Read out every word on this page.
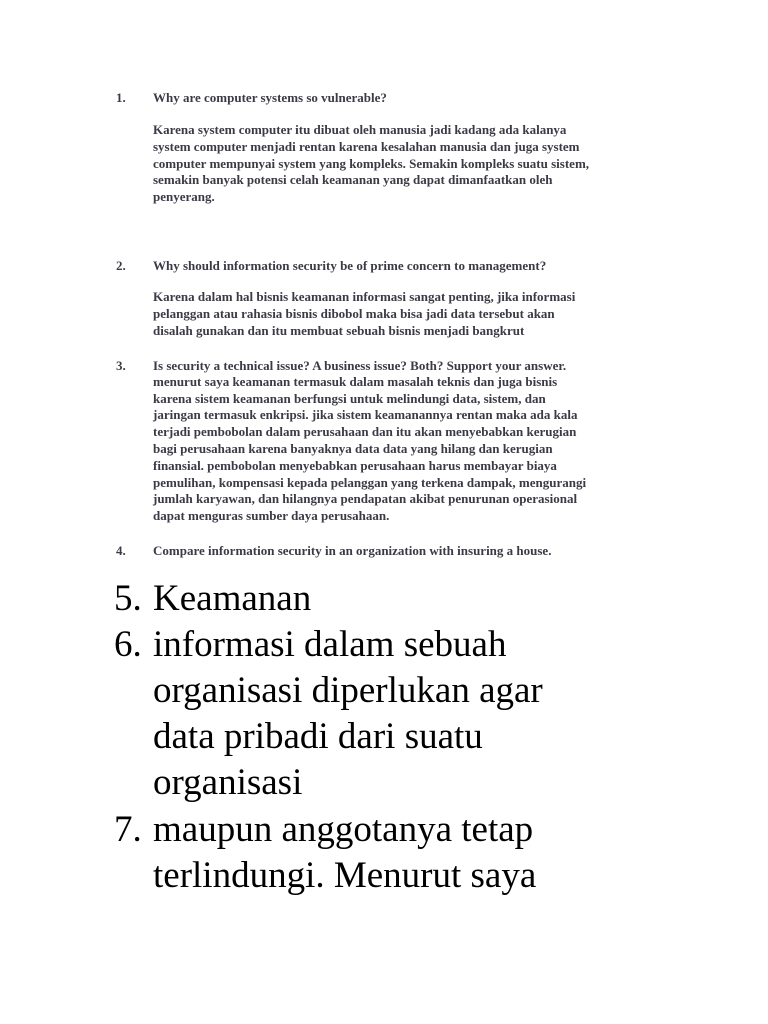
1. Why are computer systems so vulnerable?
Karena system computer itu dibuat oleh manusia jadi kadang ada kalanya
system computer menjadi rentan karena kesalahan manusia dan juga system
computer mempunyai system yang kompleks. Semakin kompleks suatu sistem,
semakin banyak potensi celah keamanan yang dapat dimanfaatkan oleh
penyerang.
2. Why should information security be of prime concern to management?
Karena dalam hal bisnis keamanan informasi sangat penting, jika informasi
pelanggan atau rahasia bisnis dibobol maka bisa jadi data tersebut akan
disalah gunakan dan itu membuat sebuah bisnis menjadi bangkrut
3. Is security a technical issue? A business issue? Both? Support your answer.
menurut saya keamanan termasuk dalam masalah teknis dan juga bisnis
karena sistem keamanan berfungsi untuk melindungi data, sistem, dan
jaringan termasuk enkripsi. jika sistem keamanannya rentan maka ada kala
terjadi pembobolan dalam perusahaan dan itu akan menyebabkan kerugian
bagi perusahaan karena banyaknya data data yang hilang dan kerugian
finansial. pembobolan menyebabkan perusahaan harus membayar biaya
pemulihan, kompensasi kepada pelanggan yang terkena dampak, mengurangi
jumlah karyawan, dan hilangnya pendapatan akibat penurunan operasional
dapat menguras sumber daya perusahaan.
4. Compare information security in an organization with insuring a house.
5. Keamanan
6. informasi dalam sebuah
organisasi diperlukan agar
data pribadi dari suatu
organisasi
7. maupun anggotanya tetap
terlindungi. Menurut saya
